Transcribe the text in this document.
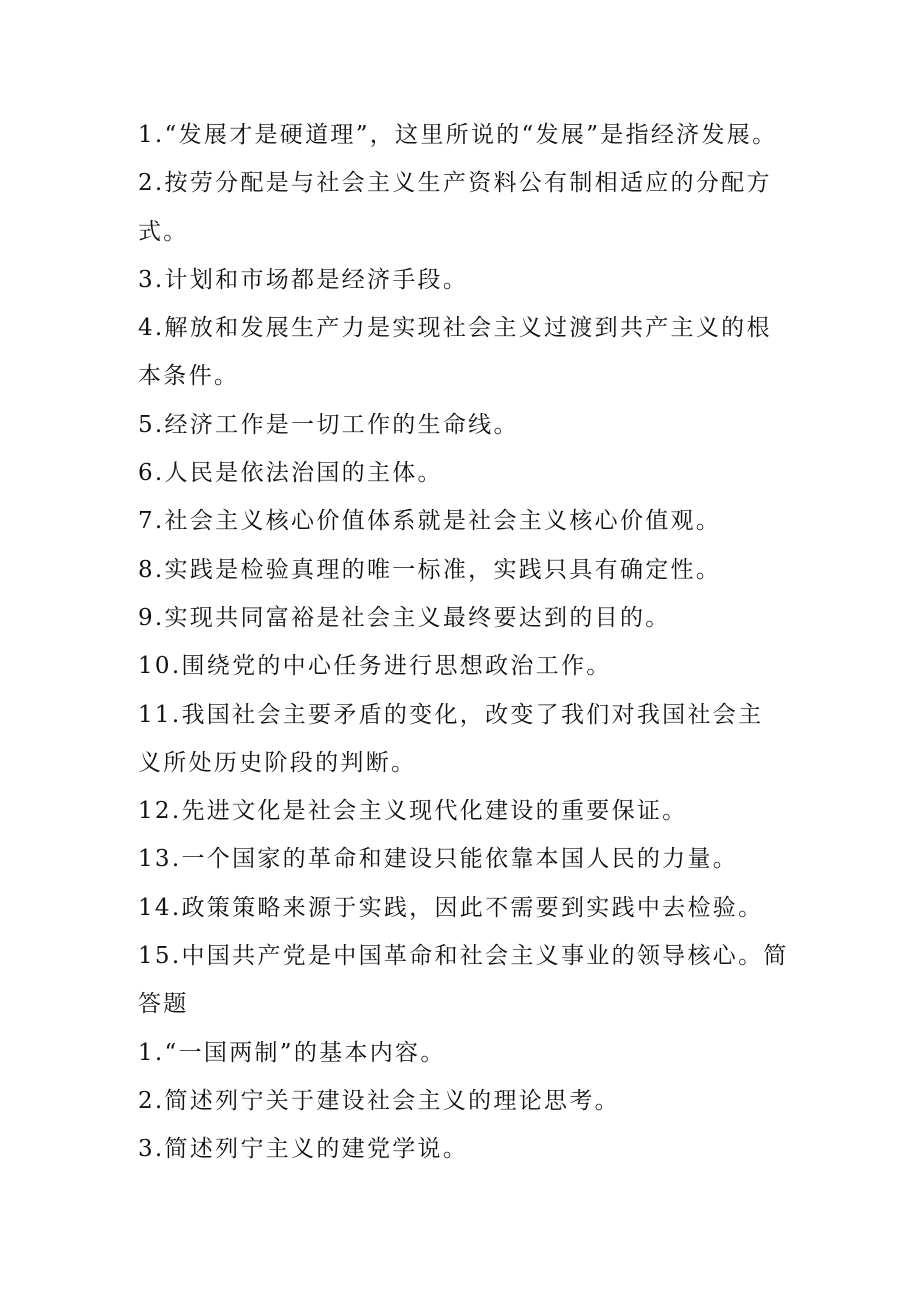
1.“发展才是硬道理”，这里所说的“发展”是指经济发展。
2.按劳分配是与社会主义生产资料公有制相适应的分配方
式。
3.计划和市场都是经济手段。
4.解放和发展生产力是实现社会主义过渡到共产主义的根
本条件。
5.经济工作是一切工作的生命线。
6.人民是依法治国的主体。
7.社会主义核心价值体系就是社会主义核心价值观。
8.实践是检验真理的唯一标准，实践只具有确定性。
9.实现共同富裕是社会主义最终要达到的目的。
10.围绕党的中心任务进行思想政治工作。
11.我国社会主要矛盾的变化，改变了我们对我国社会主
义所处历史阶段的判断。
12.先进文化是社会主义现代化建设的重要保证。
13.一个国家的革命和建设只能依靠本国人民的力量。
14.政策策略来源于实践，因此不需要到实践中去检验。
15.中国共产党是中国革命和社会主义事业的领导核心。简
答题
1.“一国两制”的基本内容。
2.简述列宁关于建设社会主义的理论思考。
3.简述列宁主义的建党学说。
